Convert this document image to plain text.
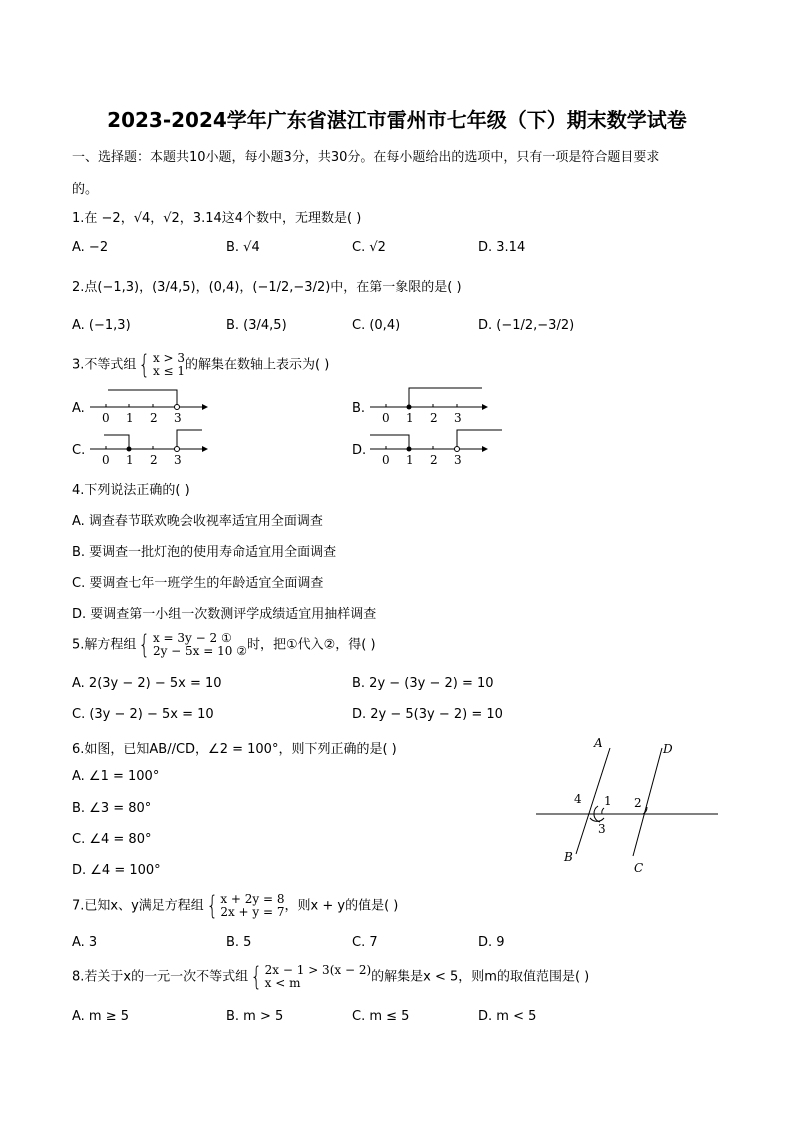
2023-2024学年广东省湛江市雷州市七年级（下）期末数学试卷
一、选择题：本题共10小题，每小题3分，共30分。在每小题给出的选项中，只有一项是符合题目要求
的。
1.在 −2，√4，√2，3.14这4个数中，无理数是( )
A. −2	B. √4	C. √2	D. 3.14
2.点(−1,3)，(3/4,5)，(0,4)，(−1/2,−3/2)中，在第一象限的是( )
A. (−1,3)	B. (3/4,5)	C. (0,4)	D. (−1/2,−3/2)
3.不等式组{ x > 3
x ≤ 1的解集在数轴上表示为( )
A.	B.
C.	D.
0 1 2 3	0 1 2 3
0 1 2 3	0 1 2 3
4.下列说法正确的( )
A. 调查春节联欢晚会收视率适宜用全面调查
B. 要调查一批灯泡的使用寿命适宜用全面调查
C. 要调查七年一班学生的年龄适宜全面调查
D. 要调查第一小组一次数测评学成绩适宜用抽样调查
5.解方程组{ x = 3y − 2 ①
2y − 5x = 10 ②时，把①代入②，得( )
A. 2(3y − 2) − 5x = 10	B. 2y − (3y − 2) = 10
C. (3y − 2) − 5x = 10	D. 2y − 5(3y − 2) = 10
6.如图，已知AB//CD，∠2 = 100°，则下列正确的是( )
A. ∠1 = 100°
B. ∠3 = 80°
C. ∠4 = 80°
D. ∠4 = 100°
A
B
C
D
1 2
3
4
7.已知x、y满足方程组{ x + 2y = 8
2x + y = 7，则x + y的值是( )
A. 3	B. 5	C. 7	D. 9
8.若关于x的一元一次不等式组{ 2x − 1 > 3(x − 2)
x < m	的解集是x < 5，则m的取值范围是( )
A. m ≥ 5	B. m > 5	C. m ≤ 5	D. m < 5
